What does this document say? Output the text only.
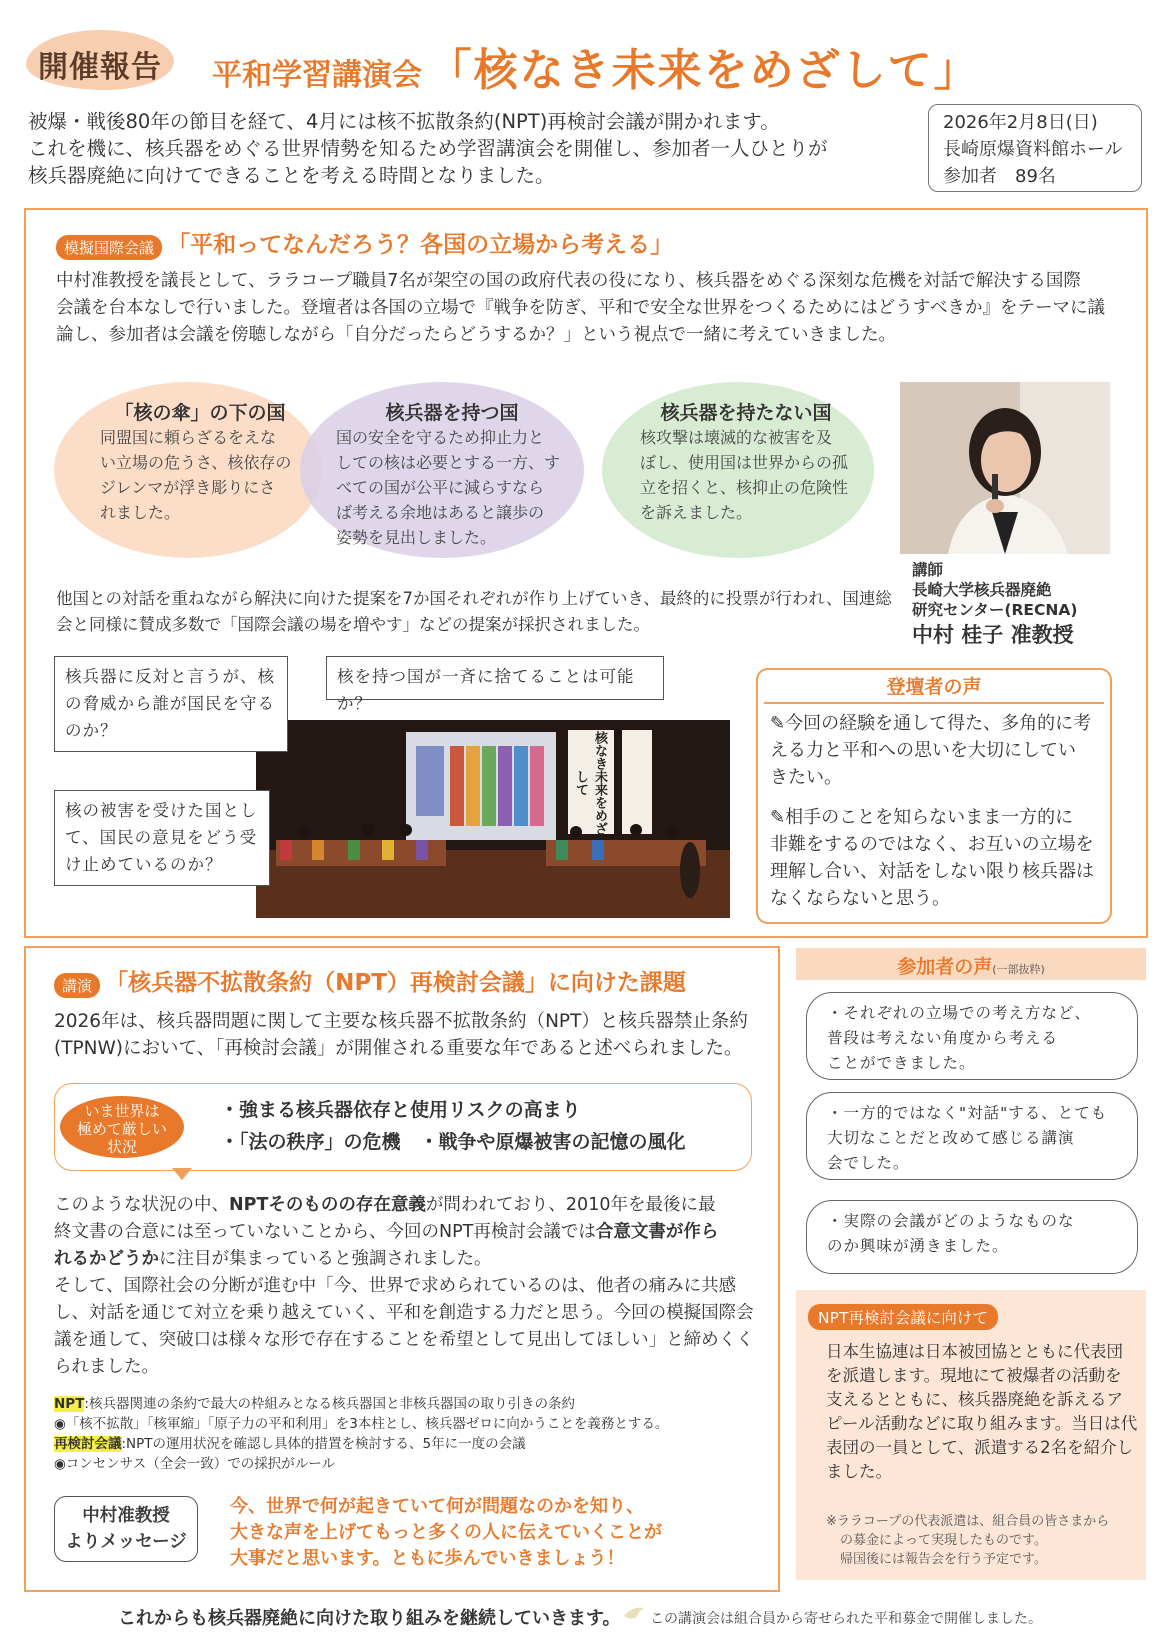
開催報告	平和学習講演会 「核なき未来をめざして」
被爆・戦後80年の節目を経て、4月には核不拡散条約(NPT)再検討会議が開かれます。
これを機に、核兵器をめぐる世界情勢を知るため学習講演会を開催し、参加者一人ひとりが
核兵器廃絶に向けてできることを考える時間となりました。
2026年2月8日(日)
長崎原爆資料館ホール
参加者　89名
模擬国際会議 「平和ってなんだろう？各国の立場から考える」
中村准教授を議長として、ララコープ職員7名が架空の国の政府代表の役になり、核兵器をめぐる深刻な危機を対話で解決する国際
会議を台本なしで行いました。登壇者は各国の立場で『戦争を防ぎ、平和で安全な世界をつくるためにはどうすべきか』をテーマに議
論し、参加者は会議を傍聴しながら「自分だったらどうするか？」という視点で一緒に考えていきました。
「核の傘」の下の国
同盟国に頼らざるをえな
い立場の危うさ、核依存の
ジレンマが浮き彫りにさ
れました。
核兵器を持つ国
国の安全を守るため抑止力と
しての核は必要とする一方、す
べての国が公平に減らすなら
ば考える余地はあると譲歩の
姿勢を見出しました。
核兵器を持たない国
核攻撃は壊滅的な被害を及
ぼし、使用国は世界からの孤
立を招くと、核抑止の危険性
を訴えました。
講師
長崎大学核兵器廃絶
研究センター(RECNA)
中村 桂子 准教授
他国との対話を重ねながら解決に向けた提案を7か国それぞれが作り上げていき、最終的に投票が行われ、国連総
会と同様に賛成多数で「国際会議の場を増やす」などの提案が採択されました。
核なき未来をめざして
核兵器に反対と言うが、核
の脅威から誰が国民を守る
のか？
核を持つ国が一斉に捨てることは可能か？
核の被害を受けた国とし
て、国民の意見をどう受
け止めているのか？
登壇者の声
✎今回の経験を通して得た、多角的に考
える力と平和への思いを大切にしてい
きたい。
✎相手のことを知らないまま一方的に
非難をするのではなく、お互いの立場を
理解し合い、対話をしない限り核兵器は
なくならないと思う。
講演 「核兵器不拡散条約（NPT）再検討会議」に向けた課題
2026年は、核兵器問題に関して主要な核兵器不拡散条約（NPT）と核兵器禁止条約
(TPNW)において、「再検討会議」が開催される重要な年であると述べられました。
いま世界は
極めて厳しい
状況
・強まる核兵器依存と使用リスクの高まり
・「法の秩序」の危機　・戦争や原爆被害の記憶の風化
このような状況の中、NPTそのものの存在意義が問われており、2010年を最後に最
終文書の合意には至っていないことから、今回のNPT再検討会議では合意文書が作ら
れるかどうかに注目が集まっていると強調されました。
そして、国際社会の分断が進む中「今、世界で求められているのは、他者の痛みに共感
し、対話を通じて対立を乗り越えていく、平和を創造する力だと思う。今回の模擬国際会
議を通して、突破口は様々な形で存在することを希望として見出してほしい」と締めくく
られました。
NPT:核兵器関連の条約で最大の枠組みとなる核兵器国と非核兵器国の取り引きの条約
◉「核不拡散」「核軍縮」「原子力の平和利用」を3本柱とし、核兵器ゼロに向かうことを義務とする。
再検討会議:NPTの運用状況を確認し具体的措置を検討する、5年に一度の会議
◉コンセンサス（全会一致）での採択がルール
中村准教授
よりメッセージ
今、世界で何が起きていて何が問題なのかを知り、
大きな声を上げてもっと多くの人に伝えていくことが
大事だと思います。ともに歩んでいきましょう！
参加者の声(一部抜粋)
・それぞれの立場での考え方など、
普段は考えない角度から考える
ことができました。
・一方的ではなく"対話"する、とても
大切なことだと改めて感じる講演
会でした。
・実際の会議がどのようなものな
のか興味が湧きました。
NPT再検討会議に向けて
日本生協連は日本被団協とともに代表団
を派遣します。現地にて被爆者の活動を
支えるとともに、核兵器廃絶を訴えるア
ピール活動などに取り組みます。当日は代
表団の一員として、派遣する2名を紹介し
ました。
※ララコープの代表派遣は、組合員の皆さまから
の募金によって実現したものです。
帰国後には報告会を行う予定です。
これからも核兵器廃絶に向けた取り組みを継続していきます。 この講演会は組合員から寄せられた平和募金で開催しました。
